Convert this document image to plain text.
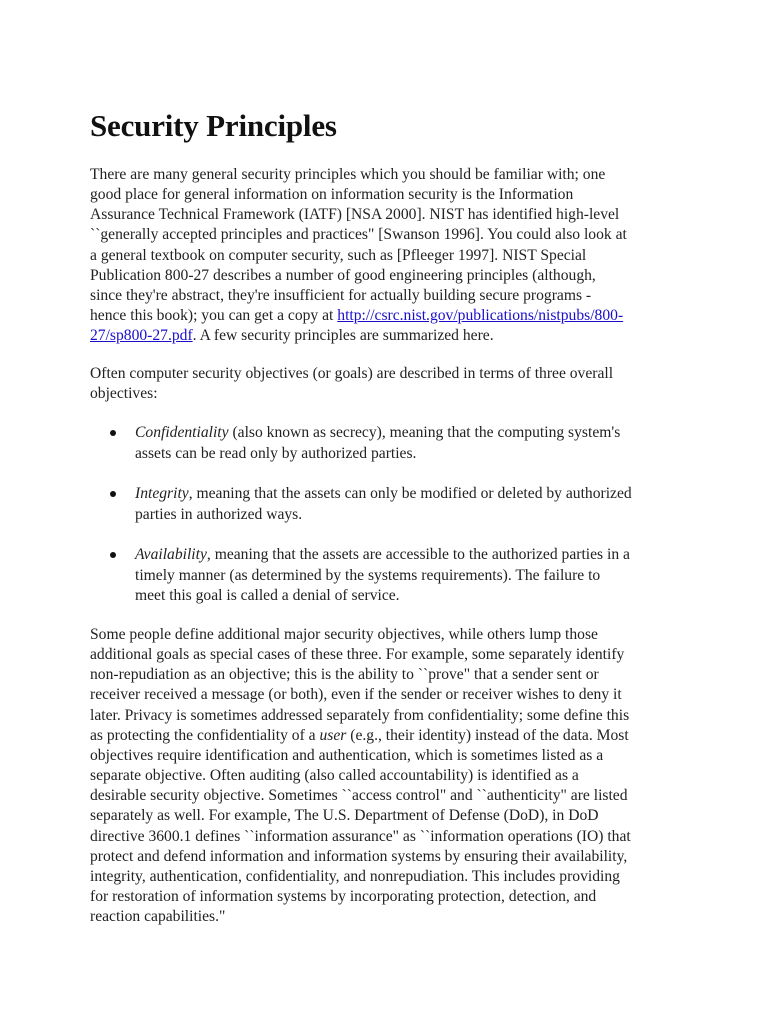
Security Principles
There are many general security principles which you should be familiar with; one
good place for general information on information security is the Information
Assurance Technical Framework (IATF) [NSA 2000]. NIST has identified high-level
``generally accepted principles and practices" [Swanson 1996]. You could also look at
a general textbook on computer security, such as [Pfleeger 1997]. NIST Special
Publication 800-27 describes a number of good engineering principles (although,
since they're abstract, they're insufficient for actually building secure programs -
hence this book); you can get a copy at http://csrc.nist.gov/publications/nistpubs/800-
27/sp800-27.pdf. A few security principles are summarized here.
Often computer security objectives (or goals) are described in terms of three overall
objectives:
Confidentiality (also known as secrecy), meaning that the computing system's
assets can be read only by authorized parties.
Integrity, meaning that the assets can only be modified or deleted by authorized
parties in authorized ways.
Availability, meaning that the assets are accessible to the authorized parties in a
timely manner (as determined by the systems requirements). The failure to
meet this goal is called a denial of service.
Some people define additional major security objectives, while others lump those
additional goals as special cases of these three. For example, some separately identify
non-repudiation as an objective; this is the ability to ``prove" that a sender sent or
receiver received a message (or both), even if the sender or receiver wishes to deny it
later. Privacy is sometimes addressed separately from confidentiality; some define this
as protecting the confidentiality of a user (e.g., their identity) instead of the data. Most
objectives require identification and authentication, which is sometimes listed as a
separate objective. Often auditing (also called accountability) is identified as a
desirable security objective. Sometimes ``access control" and ``authenticity" are listed
separately as well. For example, The U.S. Department of Defense (DoD), in DoD
directive 3600.1 defines ``information assurance" as ``information operations (IO) that
protect and defend information and information systems by ensuring their availability,
integrity, authentication, confidentiality, and nonrepudiation. This includes providing
for restoration of information systems by incorporating protection, detection, and
reaction capabilities."
